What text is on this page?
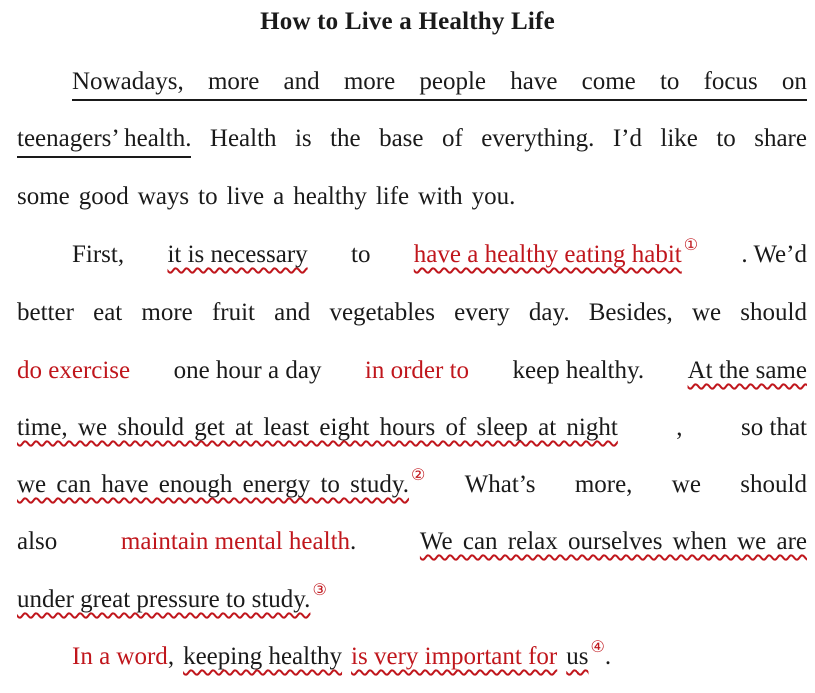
How to Live a Healthy Life
Nowadays, more and more people have come to focus on
teenagers’ health. Health is the base of everything. I’d like to share
some good ways to live a healthy life with you.
First, it is necessary to have a healthy eating habit ① . We’d
better eat more fruit and vegetables every day. Besides, we should
do exercise one hour a day in order to keep healthy. At the same
time, we should get at least eight hours of sleep at night , so that
we can have enough energy to study. ② What’s more, we should
also	maintain mental health.	We can relax ourselves when we are
under great pressure to study. ③
In a word, keeping healthy is very important for us ④.
